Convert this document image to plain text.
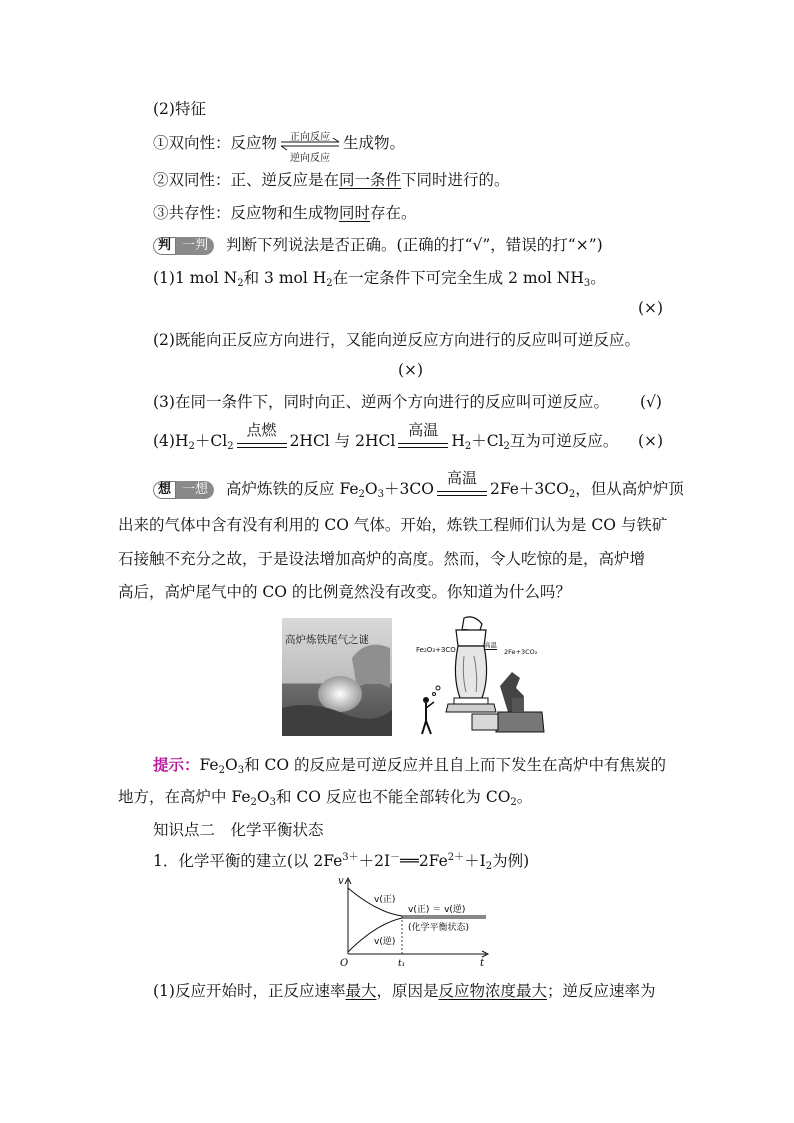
(2)特征
①双向性：反应物	正向反应
逆向反应
生成物。
②双同性：正、逆反应是在同一条件下同时进行的。
③共存性：反应物和生成物同时存在。
判 一判	判断下列说法是否正确。(正确的打“√”，错误的打“×”)
(1)1 mol $N_2$和 3 mol $H_2$在一定条件下可完全生成 2 mol $NH_3$。
(×)
(2)既能向正反应方向进行，又能向逆反应方向进行的反应叫可逆反应。
(×)
(3)在同一条件下，同时向正、逆两个方向进行的反应叫可逆反应。 (√)
$(4)H_2+Cl_2$
点燃
2HCl 与 2HCl
高温
$H_2+Cl_2$互为可逆反应。 (×)
想 一想	高炉炼铁的反应 $Fe_2O_3+3CO$
高温
$2Fe+3CO_2$，但从高炉炉顶
出来的气体中含有没有利用的 CO 气体。开始，炼铁工程师们认为是 CO 与铁矿
石接触不充分之故，于是设法增加高炉的高度。然而，令人吃惊的是，高炉增
高后，高炉尾气中的 CO 的比例竟然没有改变。你知道为什么吗？
高炉炼铁尾气之谜
Fe₂O₃+3CO
高温
2Fe+3CO₂
提示：$Fe_2O_3$和 CO 的反应是可逆反应并且自上而下发生在高炉中有焦炭的
地方，在高炉中 $Fe_2O_3$和 CO 反应也不能全部转化为 $CO_2$。
知识点二　化学平衡状态
1．化学平衡的建立(以 $2Fe^{3+}+2I^-══2Fe^{2+}+I_2$为例)
v
t
O	t₁
v(正)
v(逆)
v(正) ＝ v(逆)
(化学平衡状态)
(1)反应开始时，正反应速率最大，原因是反应物浓度最大；逆反应速率为
